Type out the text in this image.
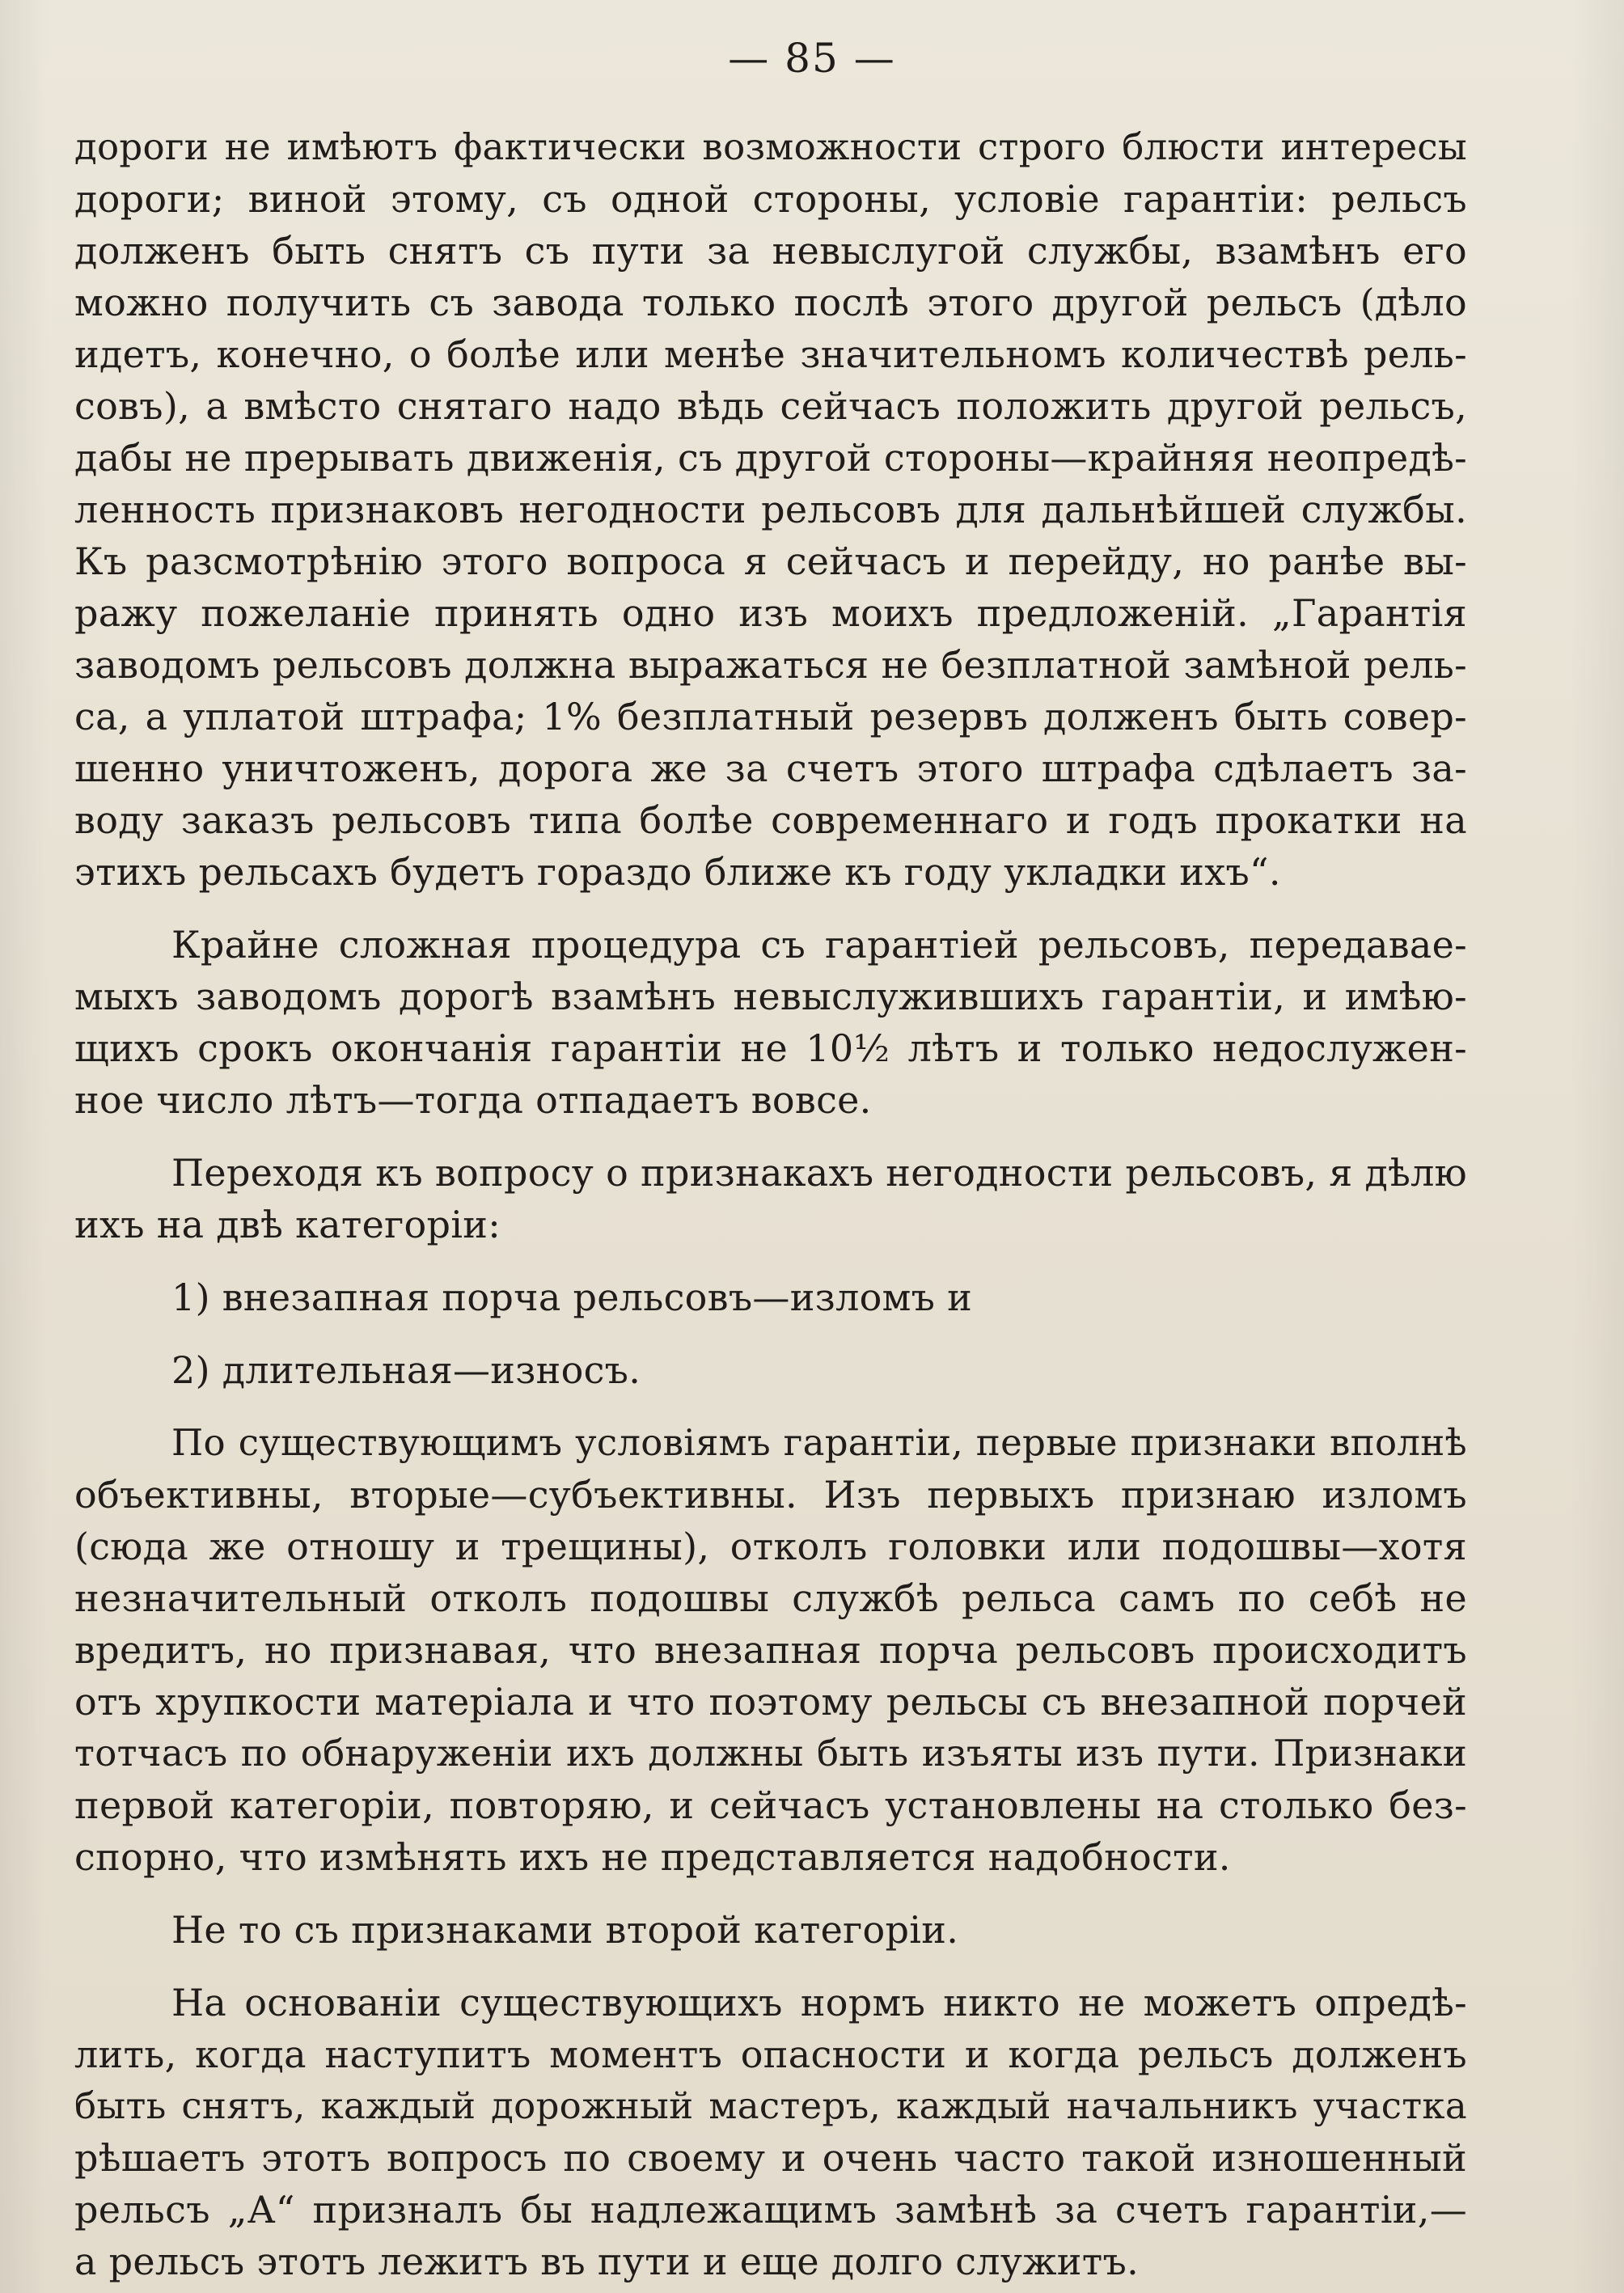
— 85 —
дороги не имѣютъ фактически возможности строго блюсти интересы
дороги; виной этому, съ одной стороны, условіе гарантіи: рельсъ
долженъ быть снятъ съ пути за невыслугой службы, взамѣнъ его
можно получить съ завода только послѣ этого другой рельсъ (дѣло
идетъ, конечно, о болѣе или менѣе значительномъ количествѣ рель-
совъ), а вмѣсто снятаго надо вѣдь сейчасъ положить другой рельсъ,
дабы не прерывать движенія, съ другой стороны—крайняя неопредѣ-
ленность признаковъ негодности рельсовъ для дальнѣйшей службы.
Къ разсмотрѣнію этого вопроса я сейчасъ и перейду, но ранѣе вы-
ражу пожеланіе принять одно изъ моихъ предложеній. „Гарантія
заводомъ рельсовъ должна выражаться не безплатной замѣной рель-
са, а уплатой штрафа; 1% безплатный резервъ долженъ быть совер-
шенно уничтоженъ, дорога же за счетъ этого штрафа сдѣлаетъ за-
воду заказъ рельсовъ типа болѣе современнаго и годъ прокатки на
этихъ рельсахъ будетъ гораздо ближе къ году укладки ихъ“.
Крайне сложная процедура съ гарантіей рельсовъ, передавае-
мыхъ заводомъ дорогѣ взамѣнъ невыслужившихъ гарантіи, и имѣю-
щихъ срокъ окончанія гарантіи не 10½ лѣтъ и только недослужен-
ное число лѣтъ—тогда отпадаетъ вовсе.
Переходя къ вопросу о признакахъ негодности рельсовъ, я дѣлю
ихъ на двѣ категоріи:
1) внезапная порча рельсовъ—изломъ и
2) длительная—износъ.
По существующимъ условіямъ гарантіи, первые признаки вполнѣ
объективны, вторые—субъективны. Изъ первыхъ признаю изломъ
(сюда же отношу и трещины), отколъ головки или подошвы—хотя
незначительный отколъ подошвы службѣ рельса самъ по себѣ не
вредитъ, но признавая, что внезапная порча рельсовъ происходитъ
отъ хрупкости матеріала и что поэтому рельсы съ внезапной порчей
тотчасъ по обнаруженіи ихъ должны быть изъяты изъ пути. Признаки
первой категоріи, повторяю, и сейчасъ установлены на столько без-
спорно, что измѣнять ихъ не представляется надобности.
Не то съ признаками второй категоріи.
На основаніи существующихъ нормъ никто не можетъ опредѣ-
лить, когда наступитъ моментъ опасности и когда рельсъ долженъ
быть снятъ, каждый дорожный мастеръ, каждый начальникъ участка
рѣшаетъ этотъ вопросъ по своему и очень часто такой изношенный
рельсъ „А“ призналъ бы надлежащимъ замѣнѣ за счетъ гарантіи,—
а рельсъ этотъ лежитъ въ пути и еще долго служитъ.
